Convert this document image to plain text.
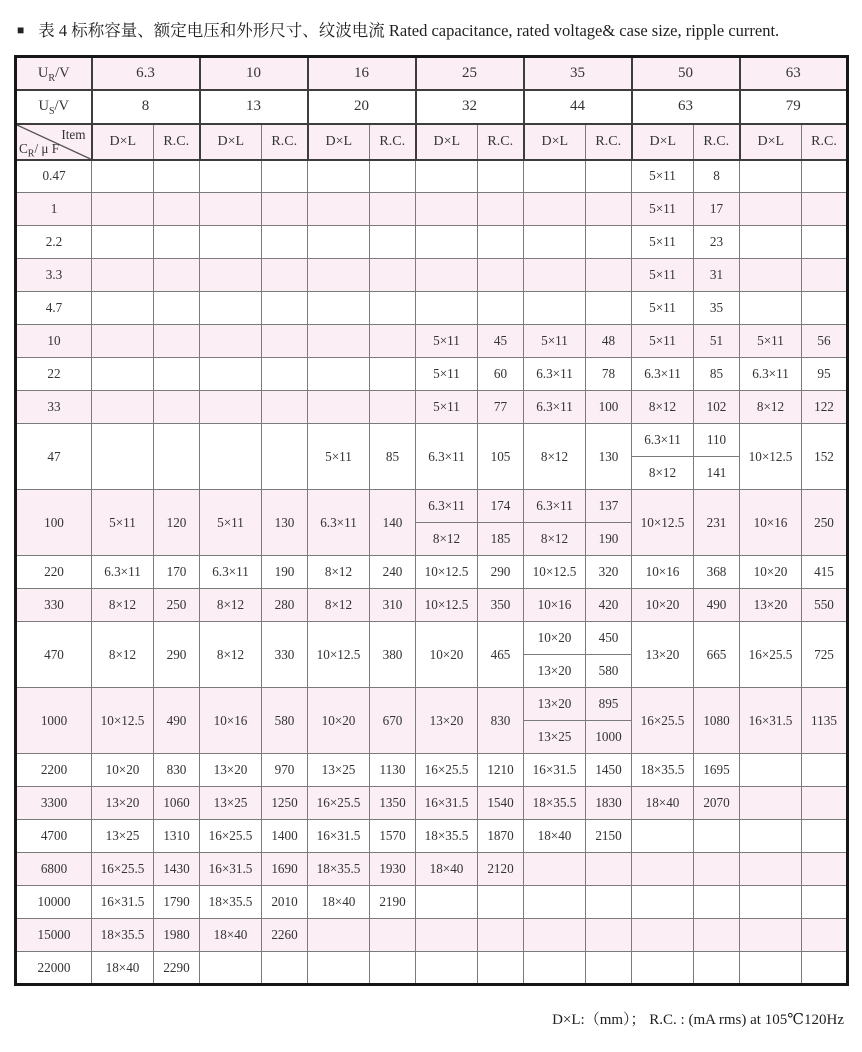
■ 表 4 标称容量、额定电压和外形尺寸、纹波电流 Rated capacitance, rated voltage& case size, ripple current.
$U_R/V$	6.3		10		16		25		35		50		63	
$U_S/V$	8		13		20		32		44		63		79	

Item
$C_R/$ μ F	D×L	R.C.	D×L	R.C.	D×L	R.C.	D×L	R.C.	D×L	R.C.	D×L	R.C.	D×L	R.C.
0.47											5×11	8		
1											5×11	17		
2.2											5×11	23		
3.3											5×11	31		
4.7											5×11	35		
10							5×11	45	5×11	48	5×11	51	5×11	56
22							5×11	60	6.3×11	78	6.3×11	85	6.3×11	95
33							5×11	77	6.3×11	100	8×12	102	8×12	122
47					5×11	85	6.3×11	105	8×12	130	6.3×11	110	10×12.5	152
											8×12	141		
100	5×11	120	5×11	130	6.3×11	140	6.3×11	174	6.3×11	137	10×12.5	231	10×16	250
							8×12	185	8×12	190				
220	6.3×11	170	6.3×11	190	8×12	240	10×12.5	290	10×12.5	320	10×16	368	10×20	415
330	8×12	250	8×12	280	8×12	310	10×12.5	350	10×16	420	10×20	490	13×20	550
470	8×12	290	8×12	330	10×12.5	380	10×20	465	10×20	450	13×20	665	16×25.5	725
									13×20	580				
1000	10×12.5	490	10×16	580	10×20	670	13×20	830	13×20	895	16×25.5	1080	16×31.5	1135
									13×25	1000				
2200	10×20	830	13×20	970	13×25	1130	16×25.5	1210	16×31.5	1450	18×35.5	1695		
3300	13×20	1060	13×25	1250	16×25.5	1350	16×31.5	1540	18×35.5	1830	18×40	2070		
4700	13×25	1310	16×25.5	1400	16×31.5	1570	18×35.5	1870	18×40	2150				
6800	16×25.5	1430	16×31.5	1690	18×35.5	1930	18×40	2120						
10000	16×31.5	1790	18×35.5	2010	18×40	2190								
15000	18×35.5	1980	18×40	2260										
22000	18×40	2290												
D×L:（mm）； R.C. : (mA rms) at 105℃120Hz
